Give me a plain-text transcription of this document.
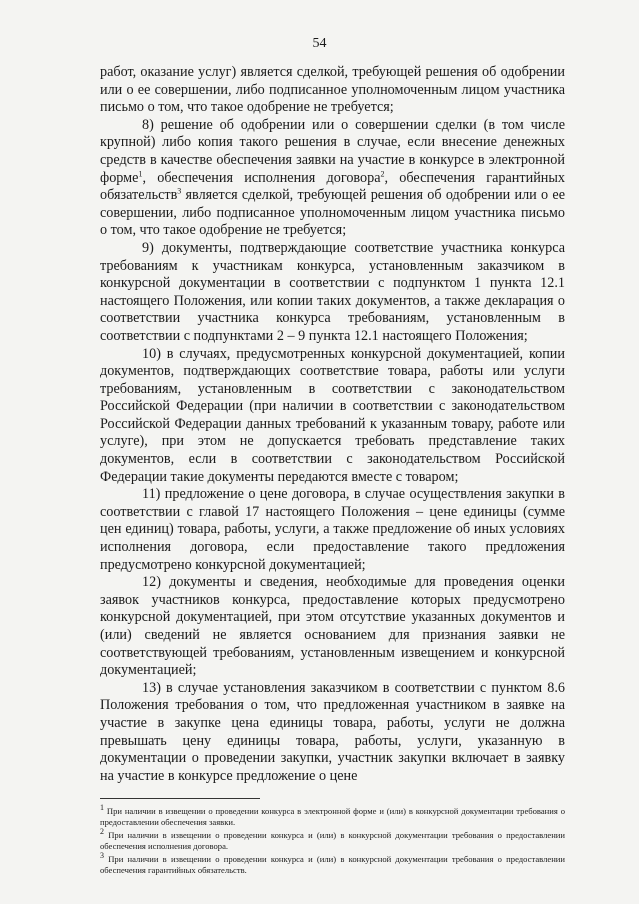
54

работ, оказание услуг) является сделкой, требующей решения об одобрении или о ее совершении, либо подписанное уполномоченным лицом участника письмо о том, что такое одобрение не требуется;

8) решение об одобрении или о совершении сделки (в том числе крупной) либо копия такого решения в случае, если внесение денежных средств в качестве обеспечения заявки на участие в конкурсе в электронной форме$^1$, обеспечения исполнения договора$^2$, обеспечения гарантийных обязательств$^3$ является сделкой, требующей решения об одобрении или о ее совершении, либо подписанное уполномоченным лицом участника письмо о том, что такое одобрение не требуется;

9) документы, подтверждающие соответствие участника конкурса требованиям к участникам конкурса, установленным заказчиком в конкурсной документации в соответствии с подпунктом 1 пункта 12.1 настоящего Положения, или копии таких документов, а также декларация о соответствии участника конкурса требованиям, установленным в соответствии с подпунктами 2 – 9 пункта 12.1 настоящего Положения;

10) в случаях, предусмотренных конкурсной документацией, копии документов, подтверждающих соответствие товара, работы или услуги требованиям, установленным в соответствии с законодательством Российской Федерации (при наличии в соответствии с законодательством Российской Федерации данных требований к указанным товару, работе или услуге), при этом не допускается требовать представление таких документов, если в соответствии с законодательством Российской Федерации такие документы передаются вместе с товаром;

11) предложение о цене договора, в случае осуществления закупки в соответствии с главой 17 настоящего Положения – цене единицы (сумме цен единиц) товара, работы, услуги, а также предложение об иных условиях исполнения договора, если предоставление такого предложения предусмотрено конкурсной документацией;

12) документы и сведения, необходимые для проведения оценки заявок участников конкурса, предоставление которых предусмотрено конкурсной документацией, при этом отсутствие указанных документов и (или) сведений не является основанием для признания заявки не соответствующей требованиям, установленным извещением и конкурсной документацией;

13) в случае установления заказчиком в соответствии с пунктом 8.6 Положения требования о том, что предложенная участником в заявке на участие в закупке цена единицы товара, работы, услуги не должна превышать цену единицы товара, работы, услуги, указанную в документации о проведении закупки, участник закупки включает в заявку на участие в конкурсе предложение о цене

$^1$ При наличии в извещении о проведении конкурса в электронной форме и (или) в конкурсной документации требования о предоставлении обеспечения заявки.

$^2$ При наличии в извещении о проведении конкурса и (или) в конкурсной документации требования о предоставлении обеспечения исполнения договора.

$^3$ При наличии в извещении о проведении конкурса и (или) в конкурсной документации требования о предоставлении обеспечения гарантийных обязательств.
